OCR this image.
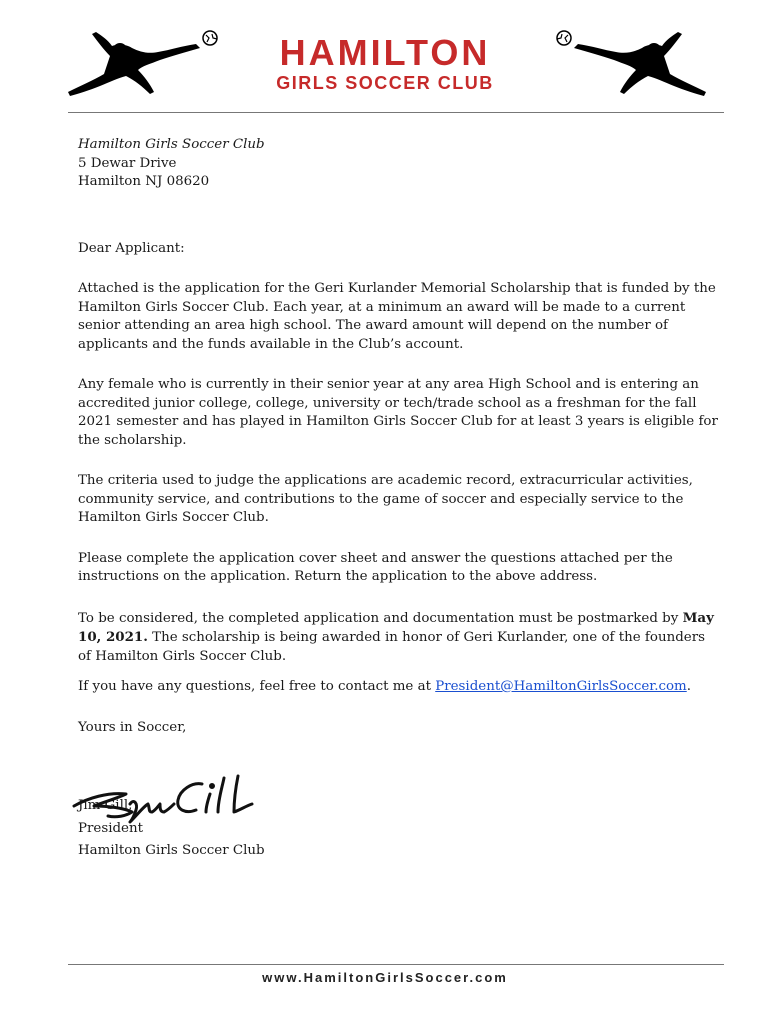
HAMILTON
GIRLS SOCCER CLUB

Hamilton Girls Soccer Club

5 Dewar Drive

Hamilton NJ 08620

Dear Applicant:

Attached is the application for the Geri Kurlander Memorial Scholarship that is funded by the Hamilton Girls Soccer Club. Each year, at a minimum an award will be made to a current senior attending an area high school. The award amount will depend on the number of applicants and the funds available in the Club’s account.

Any female who is currently in their senior year at any area High School and is entering an accredited junior college, college, university or tech/trade school as a freshman for the fall 2021 semester and has played in Hamilton Girls Soccer Club for at least 3 years is eligible for the scholarship.

The criteria used to judge the applications are academic record, extracurricular activities, community service, and contributions to the game of soccer and especially service to the Hamilton Girls Soccer Club.

Please complete the application cover sheet and answer the questions attached per the instructions on the application. Return the application to the above address.

To be considered, the completed application and documentation must be postmarked by May 10, 2021. The scholarship is being awarded in honor of Geri Kurlander, one of the founders of Hamilton Girls Soccer Club.

If you have any questions, feel free to contact me at President@HamiltonGirlsSoccer.com.

Yours in Soccer,

Jim Gill,

President

Hamilton Girls Soccer Club

www.HamiltonGirlsSoccer.com
